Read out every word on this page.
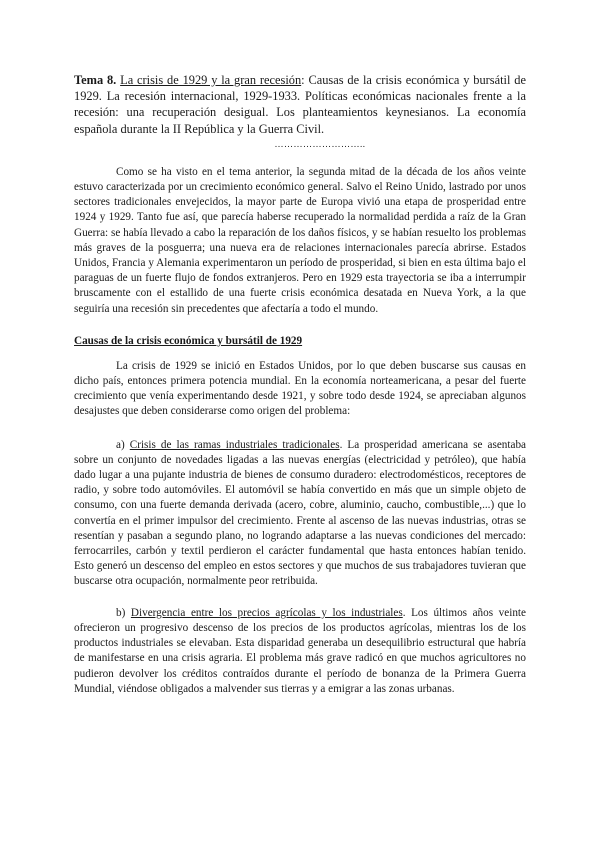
Tema 8. La crisis de 1929 y la gran recesión: Causas de la crisis económica y bursátil de 1929. La recesión internacional, 1929-1933. Políticas económicas nacionales frente a la recesión: una recuperación desigual. Los planteamientos keynesianos. La economía española durante la II República y la Guerra Civil.

………………………..

Como se ha visto en el tema anterior, la segunda mitad de la década de los años veinte estuvo caracterizada por un crecimiento económico general. Salvo el Reino Unido, lastrado por unos sectores tradicionales envejecidos, la mayor parte de Europa vivió una etapa de prosperidad entre 1924 y 1929. Tanto fue así, que parecía haberse recuperado la normalidad perdida a raíz de la Gran Guerra: se había llevado a cabo la reparación de los daños físicos, y se habían resuelto los problemas más graves de la posguerra; una nueva era de relaciones internacionales parecía abrirse. Estados Unidos, Francia y Alemania experimentaron un período de prosperidad, si bien en esta última bajo el paraguas de un fuerte flujo de fondos extranjeros. Pero en 1929 esta trayectoria se iba a interrumpir bruscamente con el estallido de una fuerte crisis económica desatada en Nueva York, a la que seguiría una recesión sin precedentes que afectaría a todo el mundo.

Causas de la crisis económica y bursátil de 1929

La crisis de 1929 se inició en Estados Unidos, por lo que deben buscarse sus causas en dicho país, entonces primera potencia mundial. En la economía norteamericana, a pesar del fuerte crecimiento que venía experimentando desde 1921, y sobre todo desde 1924, se apreciaban algunos desajustes que deben considerarse como origen del problema:

a) Crisis de las ramas industriales tradicionales. La prosperidad americana se asentaba sobre un conjunto de novedades ligadas a las nuevas energías (electricidad y petróleo), que había dado lugar a una pujante industria de bienes de consumo duradero: electrodomésticos, receptores de radio, y sobre todo automóviles. El automóvil se había convertido en más que un simple objeto de consumo, con una fuerte demanda derivada (acero, cobre, aluminio, caucho, combustible,...) que lo convertía en el primer impulsor del crecimiento. Frente al ascenso de las nuevas industrias, otras se resentían y pasaban a segundo plano, no logrando adaptarse a las nuevas condiciones del mercado: ferrocarriles, carbón y textil perdieron el carácter fundamental que hasta entonces habían tenido. Esto generó un descenso del empleo en estos sectores y que muchos de sus trabajadores tuvieran que buscarse otra ocupación, normalmente peor retribuida.

b) Divergencia entre los precios agrícolas y los industriales. Los últimos años veinte ofrecieron un progresivo descenso de los precios de los productos agrícolas, mientras los de los productos industriales se elevaban. Esta disparidad generaba un desequilibrio estructural que habría de manifestarse en una crisis agraria. El problema más grave radicó en que muchos agricultores no pudieron devolver los créditos contraídos durante el período de bonanza de la Primera Guerra Mundial, viéndose obligados a malvender sus tierras y a emigrar a las zonas urbanas.
